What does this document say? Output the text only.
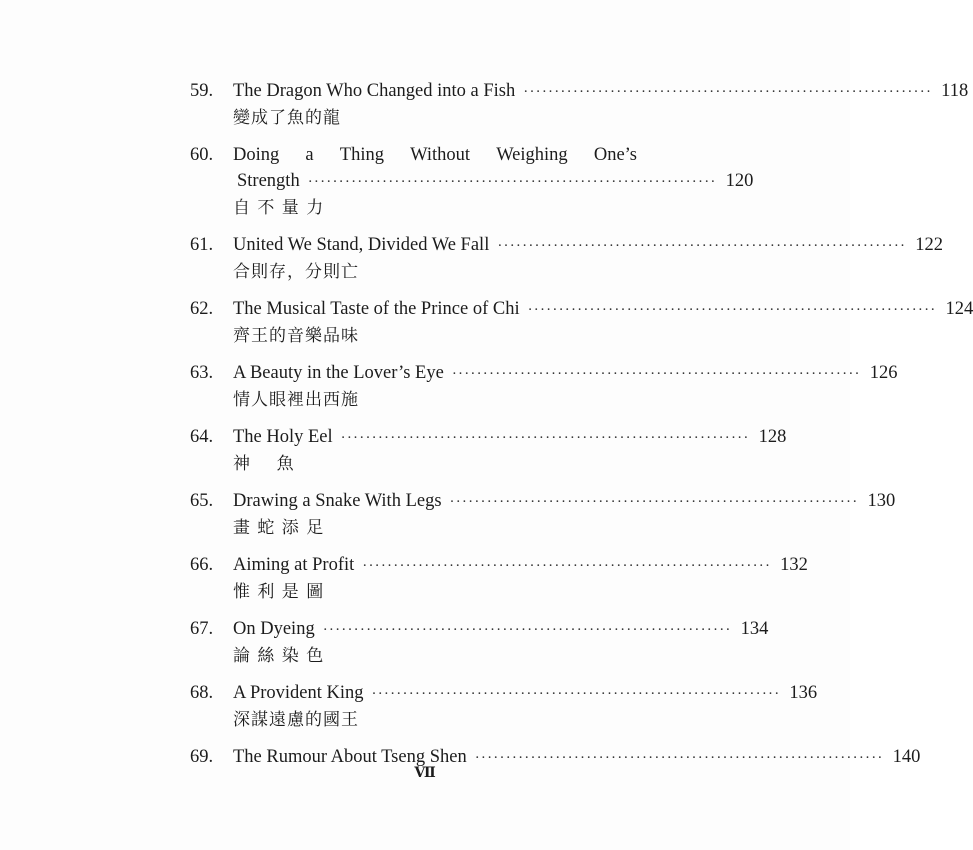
59.	The Dragon Who Changed into a Fish ·································································· 118
變成了魚的龍
60.	Doing a Thing Without Weighing One’s
Strength ·································································· 120
自 不 量 力
61.	United We Stand, Divided We Fall ·································································· 122
合則存，分則亡
62.	The Musical Taste of the Prince of Chi ·································································· 124
齊王的音樂品味
63.	A Beauty in the Lover’s Eye ·································································· 126
情人眼裡出西施
64.	The Holy Eel ·································································· 128
神    魚
65.	Drawing a Snake With Legs ·································································· 130
畫 蛇 添 足
66.	Aiming at Profit ·································································· 132
惟 利 是 圖
67.	On Dyeing ·································································· 134
論 絲 染 色
68.	A Provident King ·································································· 136
深謀遠慮的國王
69.	The Rumour About Tseng Shen ·································································· 140
Ⅶ
